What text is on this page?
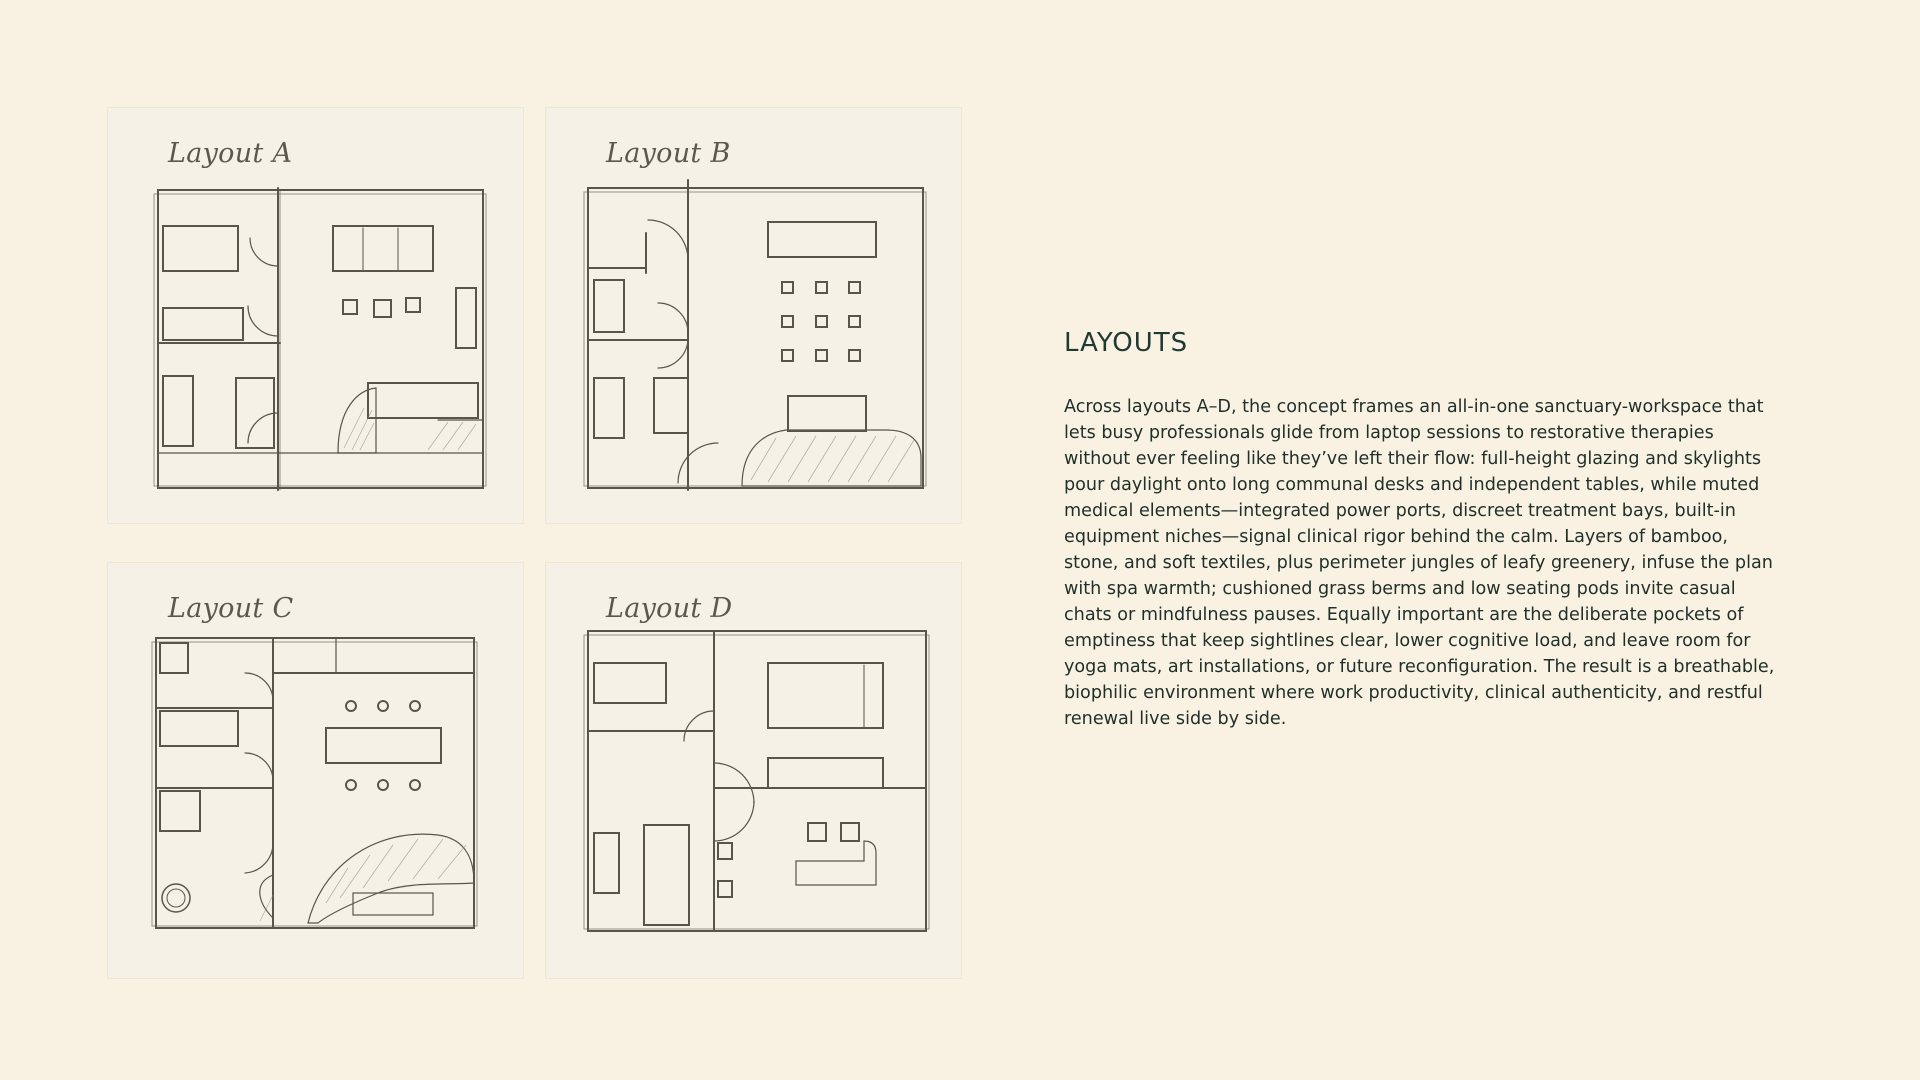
Layout A	Layout B
Layout C	Layout D
LAYOUTS

Across layouts A–D, the concept frames an all-in-one sanctuary-workspace that lets busy professionals glide from laptop sessions to restorative therapies without ever feeling like they’ve left their flow: full-height glazing and skylights pour daylight onto long communal desks and independent tables, while muted medical elements—integrated power ports, discreet treatment bays, built-in equipment niches—signal clinical rigor behind the calm. Layers of bamboo, stone, and soft textiles, plus perimeter jungles of leafy greenery, infuse the plan with spa warmth; cushioned grass berms and low seating pods invite casual chats or mindfulness pauses. Equally important are the deliberate pockets of emptiness that keep sightlines clear, lower cognitive load, and leave room for yoga mats, art installations, or future reconfiguration. The result is a breathable, biophilic environment where work productivity, clinical authenticity, and restful renewal live side by side.
